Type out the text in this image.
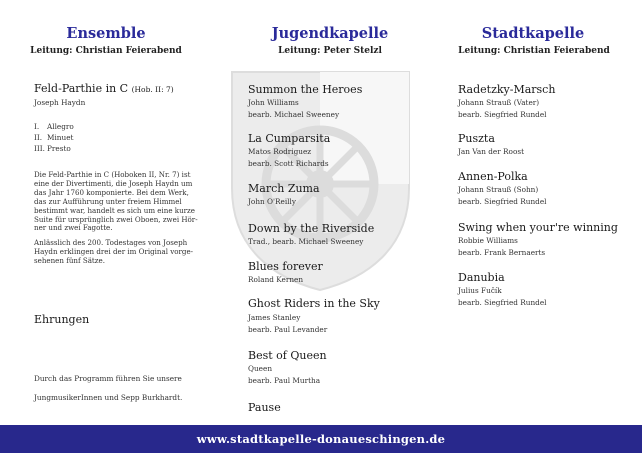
Ensemble
Leitung: Christian Feierabend
Feld-Parthie in C (Hob. II: 7)
Joseph Haydn
I. Allegro
II. Minuet
III. Presto
Die Feld-Parthie in C (Hoboken II, Nr. 7) ist
eine der Divertimenti, die Joseph Haydn um
das Jahr 1760 komponierte. Bei dem Werk,
das zur Aufführung unter freiem Himmel
bestimmt war, handelt es sich um eine kurze
Suite für ursprünglich zwei Oboen, zwei Hör-
ner und zwei Fagotte.
Anlässlich des 200. Todestages von Joseph
Haydn erklingen drei der im Original vorge-
sehenen fünf Sätze.
Ehrungen
Durch das Programm führen Sie unsere
JungmusikerInnen und Sepp Burkhardt.
Jugendkapelle
Leitung: Peter Stelzl
Summon the Heroes
John Williams
bearb. Michael Sweeney
La Cumparsita
Matos Rodriguez
bearb. Scott Richards
March Zuma
John O'Reilly
Down by the Riverside
Trad., bearb. Michael Sweeney
Blues forever
Roland Kernen
Ghost Riders in the Sky
James Stanley
bearb. Paul Levander
Best of Queen
Queen
bearb. Paul Murtha
Pause
Stadtkapelle
Leitung: Christian Feierabend
Radetzky-Marsch
Johann Strauß (Vater)
bearb. Siegfried Rundel
Puszta
Jan Van der Roost
Annen-Polka
Johann Strauß (Sohn)
bearb. Siegfried Rundel
Swing when your're winning
Robbie Williams
bearb. Frank Bernaerts
Danubia
Julius Fučík
bearb. Siegfried Rundel
www.stadtkapelle-donaueschingen.de
